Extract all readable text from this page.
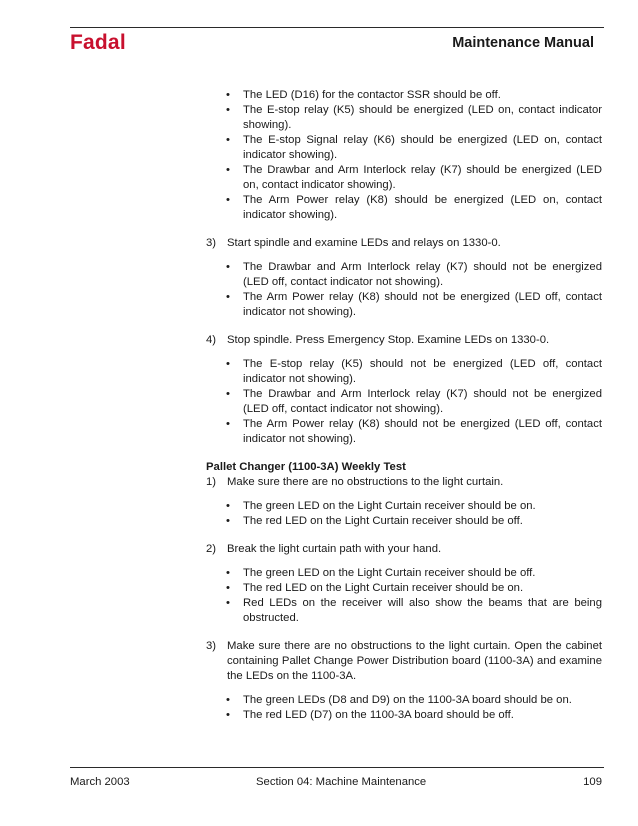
Fadal	Maintenance Manual
• The LED (D16) for the contactor SSR should be off.
• The E-stop relay (K5) should be energized (LED on, contact indicator showing).
• The E-stop Signal relay (K6) should be energized (LED on, contact indicator showing).
• The Drawbar and Arm Interlock relay (K7) should be energized (LED on, contact indicator showing).
• The Arm Power relay (K8) should be energized (LED on, contact indicator showing).

3) Start spindle and examine LEDs and relays on 1330-0.

• The Drawbar and Arm Interlock relay (K7) should not be energized (LED off, contact indicator not showing).
• The Arm Power relay (K8) should not be energized (LED off, contact indicator not showing).

4) Stop spindle. Press Emergency Stop. Examine LEDs on 1330-0.

• The E-stop relay (K5) should not be energized (LED off, contact indicator not showing).
• The Drawbar and Arm Interlock relay (K7) should not be energized (LED off, contact indicator not showing).
• The Arm Power relay (K8) should not be energized (LED off, contact indicator not showing).

Pallet Changer (1100-3A) Weekly Test

1) Make sure there are no obstructions to the light curtain.

• The green LED on the Light Curtain receiver should be on.
• The red LED on the Light Curtain receiver should be off.

2) Break the light curtain path with your hand.

• The green LED on the Light Curtain receiver should be off.
• The red LED on the Light Curtain receiver should be on.
• Red LEDs on the receiver will also show the beams that are being obstructed.

3) Make sure there are no obstructions to the light curtain. Open the cabinet containing Pallet Change Power Distribution board (1100-3A) and examine the LEDs on the 1100-3A.

• The green LEDs (D8 and D9) on the 1100-3A board should be on.
• The red LED (D7) on the 1100-3A board should be off.
March 2003	Section 04: Machine Maintenance	109
